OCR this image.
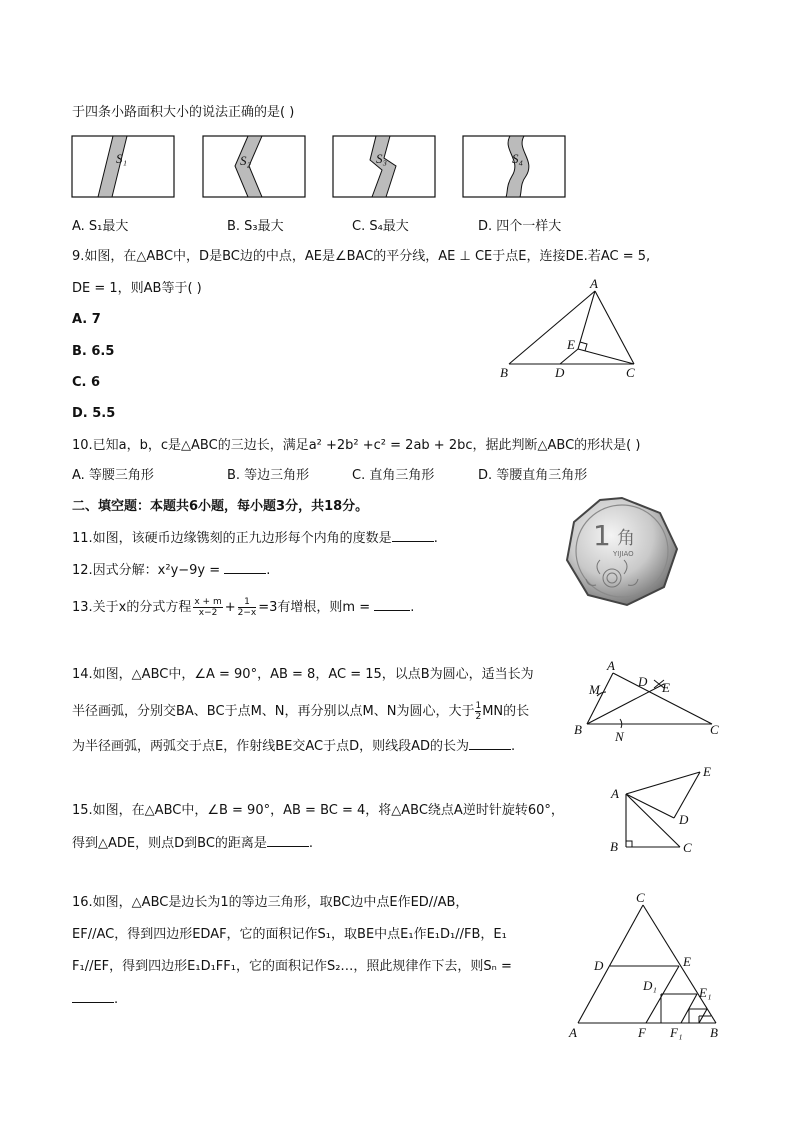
于四条小路面积大小的说法正确的是( )
S₁	S₂	S₃	S₄
A. S₁最大	B. S₃最大	C. S₄最大	D. 四个一样大
9.如图，在△ABC中，D是BC边的中点，AE是∠BAC的平分线，AE ⊥ CE于点E，连接DE.若AC = 5,
DE = 1，则AB等于( )
A. 7
B. 6.5
C. 6
D. 5.5
A
B	C
D
E
10.已知a，b，c是△ABC的三边长，满足a² +2b² +c² = 2ab + 2bc，据此判断△ABC的形状是( )
A. 等腰三角形	B. 等边三角形	C. 直角三角形	D. 等腰直角三角形
二、填空题：本题共6小题，每小题3分，共18分。
11.如图，该硬币边缘镌刻的正九边形每个内角的度数是	.	1 角
YIJIAO
12.因式分解：x²y−9y =	.
13.关于x的分式方程 $\frac{x + m}{x-2} + \frac{1}{2-x} =3$有增根，则m =	.
14.如图，△ABC中，∠A = 90°，AB = 8，AC = 15，以点B为圆心，适当长为
半径画弧，分别交BA、BC于点M、N，再分别以点M、N为圆心，大于 $\frac{1}{2}$ MN的长
为半径画弧，两弧交于点E，作射线BE交AC于点D，则线段AD的长为	.
A
B	C
D E
M
N
15.如图，在△ABC中，∠B = 90°，AB = BC = 4，将△ABC绕点A逆时针旋转60°，
得到△ADE，则点D到BC的距离是	.
A
B	C
D
E
16.如图，△ABC是边长为1的等边三角形，取BC边中点E作ED//AB，
EF//AC，得到四边形EDAF，它的面积记作S₁，取BE中点E₁作E₁D₁//FB，E₁
F₁//EF，得到四边形E₁D₁FF₁，它的面积记作S₂…，照此规律作下去，则Sₙ =
.
C
D	E
D₁	E₁
A	F F₁ B
